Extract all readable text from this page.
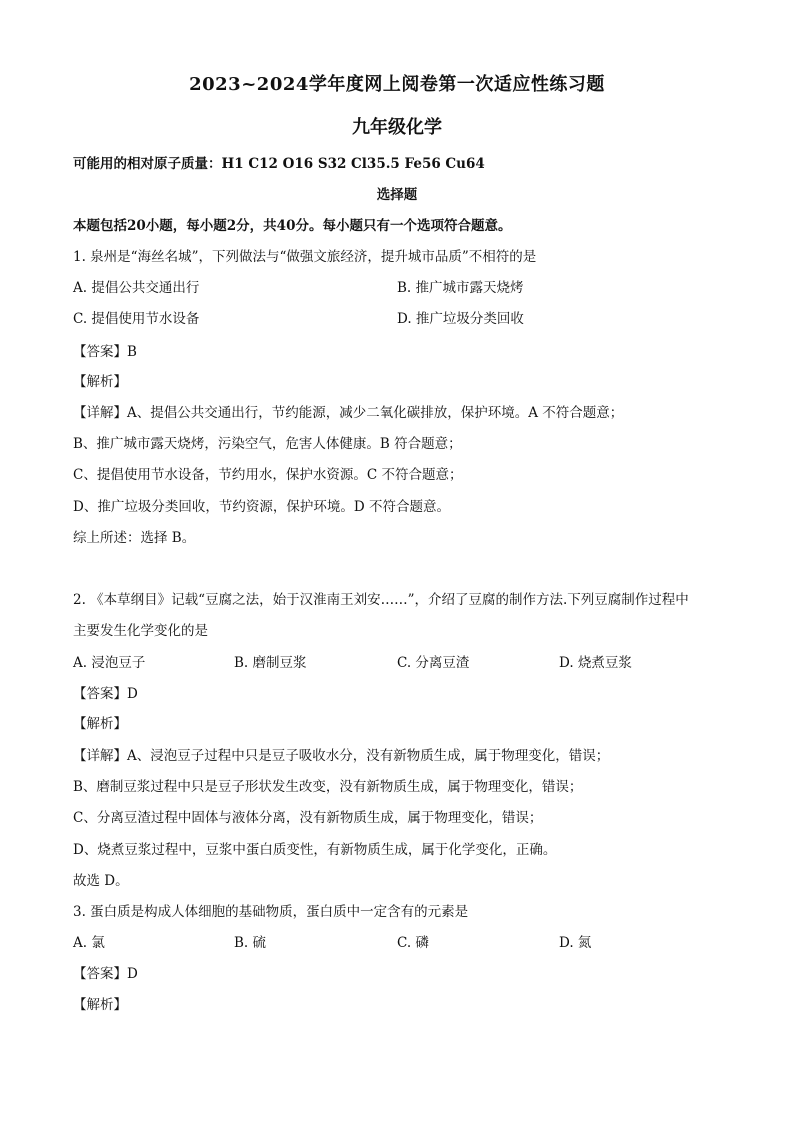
2023~2024学年度网上阅卷第一次适应性练习题
九年级化学
可能用的相对原子质量：H1 C12 O16 S32 Cl35.5 Fe56 Cu64
选择题
本题包括20小题，每小题2分，共40分。每小题只有一个选项符合题意。
1. 泉州是“海丝名城”，下列做法与“做强文旅经济，提升城市品质”不相符的是
A. 提倡公共交通出行	B. 推广城市露天烧烤
C. 提倡使用节水设备	D. 推广垃圾分类回收
【答案】B
【解析】
【详解】A、提倡公共交通出行，节约能源，减少二氧化碳排放，保护环境。A 不符合题意；
B、推广城市露天烧烤，污染空气，危害人体健康。B 符合题意；
C、提倡使用节水设备，节约用水，保护水资源。C 不符合题意；
D、推广垃圾分类回收，节约资源，保护环境。D 不符合题意。
综上所述：选择 B。
2. 《本草纲目》记载“豆腐之法，始于汉淮南王刘安……”，介绍了豆腐的制作方法.下列豆腐制作过程中
主要发生化学变化的是
A. 浸泡豆子	B. 磨制豆浆	C. 分离豆渣	D. 烧煮豆浆
【答案】D
【解析】
【详解】A、浸泡豆子过程中只是豆子吸收水分，没有新物质生成，属于物理变化，错误；
B、磨制豆浆过程中只是豆子形状发生改变，没有新物质生成，属于物理变化，错误；
C、分离豆渣过程中固体与液体分离，没有新物质生成，属于物理变化，错误；
D、烧煮豆浆过程中，豆浆中蛋白质变性，有新物质生成，属于化学变化，正确。
故选 D。
3. 蛋白质是构成人体细胞的基础物质，蛋白质中一定含有的元素是
A. 氯	B. 硫	C. 磷	D. 氮
【答案】D
【解析】
